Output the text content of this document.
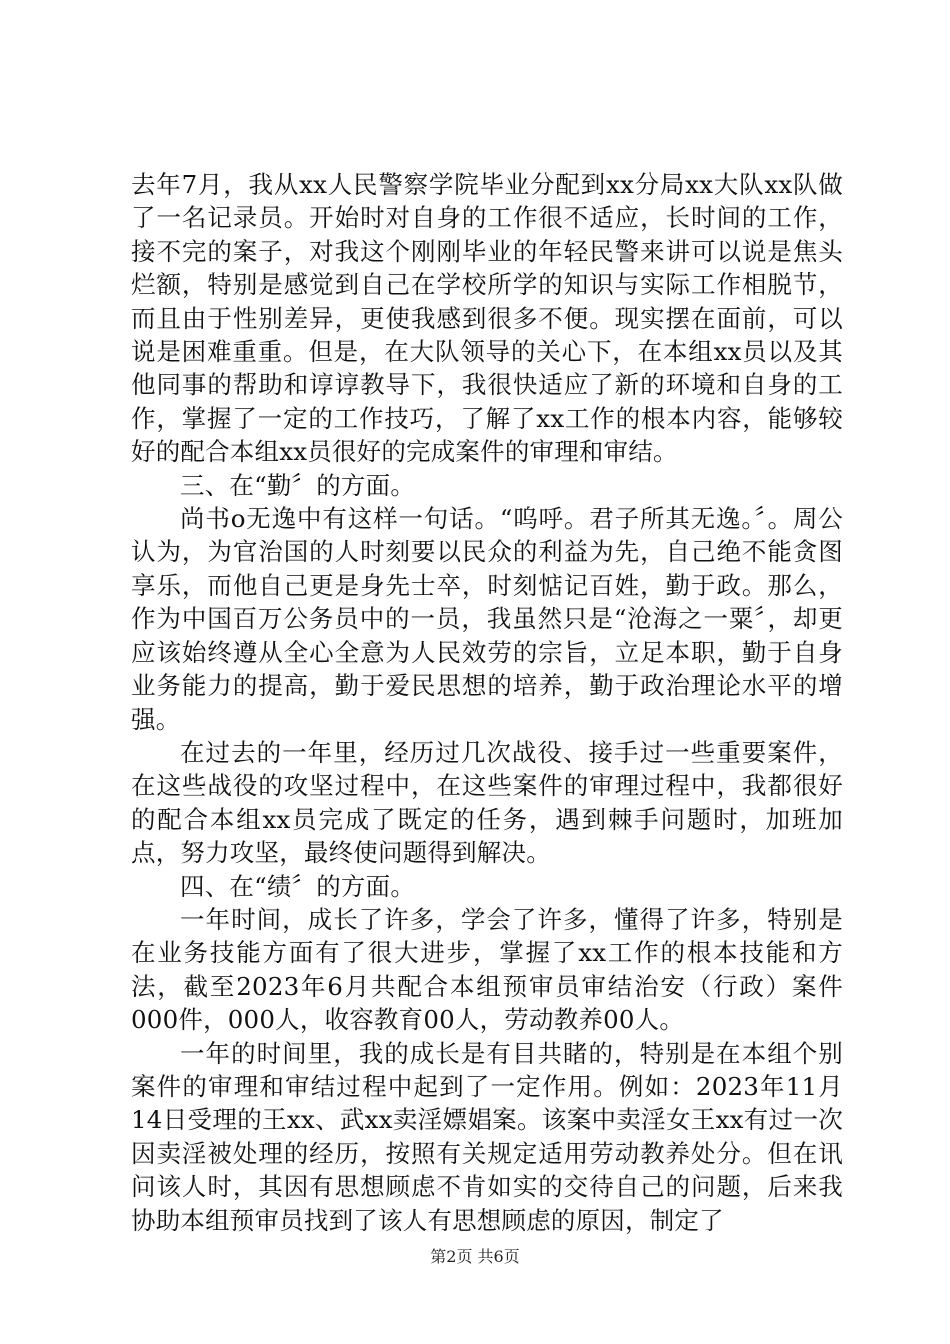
去年7月，我从xx人民警察学院毕业分配到xx分局xx大队xx队做了一名记录员。开始时对自身的工作很不适应，长时间的工作，接不完的案子，对我这个刚刚毕业的年轻民警来讲可以说是焦头烂额，特别是感觉到自己在学校所学的知识与实际工作相脱节，而且由于性别差异，更使我感到很多不便。现实摆在面前，可以说是困难重重。但是，在大队领导的关心下，在本组xx员以及其他同事的帮助和谆谆教导下，我很快适应了新的环境和自身的工作，掌握了一定的工作技巧，了解了xx工作的根本内容，能够较好的配合本组xx员很好的完成案件的审理和审结。

三、在“勤〞的方面。

尚书o无逸中有这样一句话。“呜呼。君子所其无逸。〞。周公认为，为官治国的人时刻要以民众的利益为先，自己绝不能贪图享乐，而他自己更是身先士卒，时刻惦记百姓，勤于政。那么，作为中国百万公务员中的一员，我虽然只是“沧海之一粟〞，却更应该始终遵从全心全意为人民效劳的宗旨，立足本职，勤于自身业务能力的提高，勤于爱民思想的培养，勤于政治理论水平的增强。

在过去的一年里，经历过几次战役、接手过一些重要案件，在这些战役的攻坚过程中，在这些案件的审理过程中，我都很好的配合本组xx员完成了既定的任务，遇到棘手问题时，加班加点，努力攻坚，最终使问题得到解决。

四、在“绩〞的方面。

一年时间，成长了许多，学会了许多，懂得了许多，特别是在业务技能方面有了很大进步，掌握了xx工作的根本技能和方法，截至2023年6月共配合本组预审员审结治安（行政）案件000件，000人，收容教育00人，劳动教养00人。

一年的时间里，我的成长是有目共睹的，特别是在本组个别案件的审理和审结过程中起到了一定作用。例如：2023年11月14日受理的王xx、武xx卖淫嫖娼案。该案中卖淫女王xx有过一次因卖淫被处理的经历，按照有关规定适用劳动教养处分。但在讯问该人时，其因有思想顾虑不肯如实的交待自己的问题，后来我协助本组预审员找到了该人有思想顾虑的原因，制定了

第2页 共6页
